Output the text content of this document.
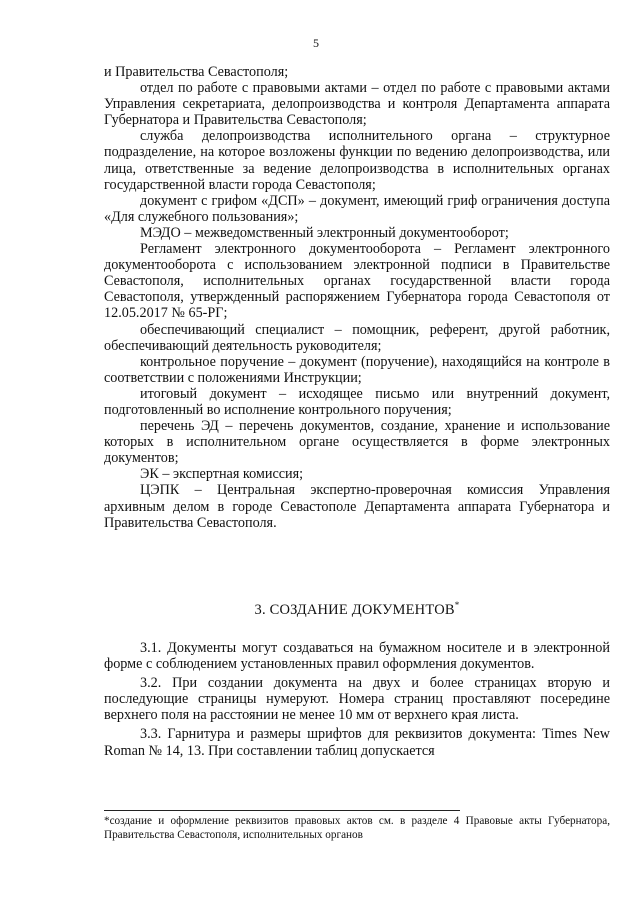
5

и Правительства Севастополя;

отдел по работе с правовыми актами – отдел по работе с правовыми актами Управления секретариата, делопроизводства и контроля Департамента аппарата Губернатора и Правительства Севастополя;

служба делопроизводства исполнительного органа – структурное подразделение, на которое возложены функции по ведению делопроизводства, или лица, ответственные за ведение делопроизводства в исполнительных органах государственной власти города Севастополя;

документ с грифом «ДСП» – документ, имеющий гриф ограничения доступа «Для служебного пользования»;

МЭДО – межведомственный электронный документооборот;

Регламент электронного документооборота – Регламент электронного документооборота с использованием электронной подписи в Правительстве Севастополя, исполнительных органах государственной власти города Севастополя, утвержденный распоряжением Губернатора города Севастополя от 12.05.2017 № 65-РГ;

обеспечивающий специалист – помощник, референт, другой работник, обеспечивающий деятельность руководителя;

контрольное поручение – документ (поручение), находящийся на контроле в соответствии с положениями Инструкции;

итоговый документ – исходящее письмо или внутренний документ, подготовленный во исполнение контрольного поручения;

перечень ЭД – перечень документов, создание, хранение и использование которых в исполнительном органе осуществляется в форме электронных документов;

ЭК – экспертная комиссия;

ЦЭПК – Центральная экспертно-проверочная комиссия Управления архивным делом в городе Севастополе Департамента аппарата Губернатора и Правительства Севастополя.

3. СОЗДАНИЕ ДОКУМЕНТОВ*

3.1. Документы могут создаваться на бумажном носителе и в электронной форме с соблюдением установленных правил оформления документов.

3.2. При создании документа на двух и более страницах вторую и последующие страницы нумеруют. Номера страниц проставляют посередине верхнего поля на расстоянии не менее 10 мм от верхнего края листа.

3.3. Гарнитура и размеры шрифтов для реквизитов документа: Times New Roman № 14, 13. При составлении таблиц допускается

*создание и оформление реквизитов правовых актов см. в разделе 4 Правовые акты Губернатора, Правительства Севастополя, исполнительных органов
